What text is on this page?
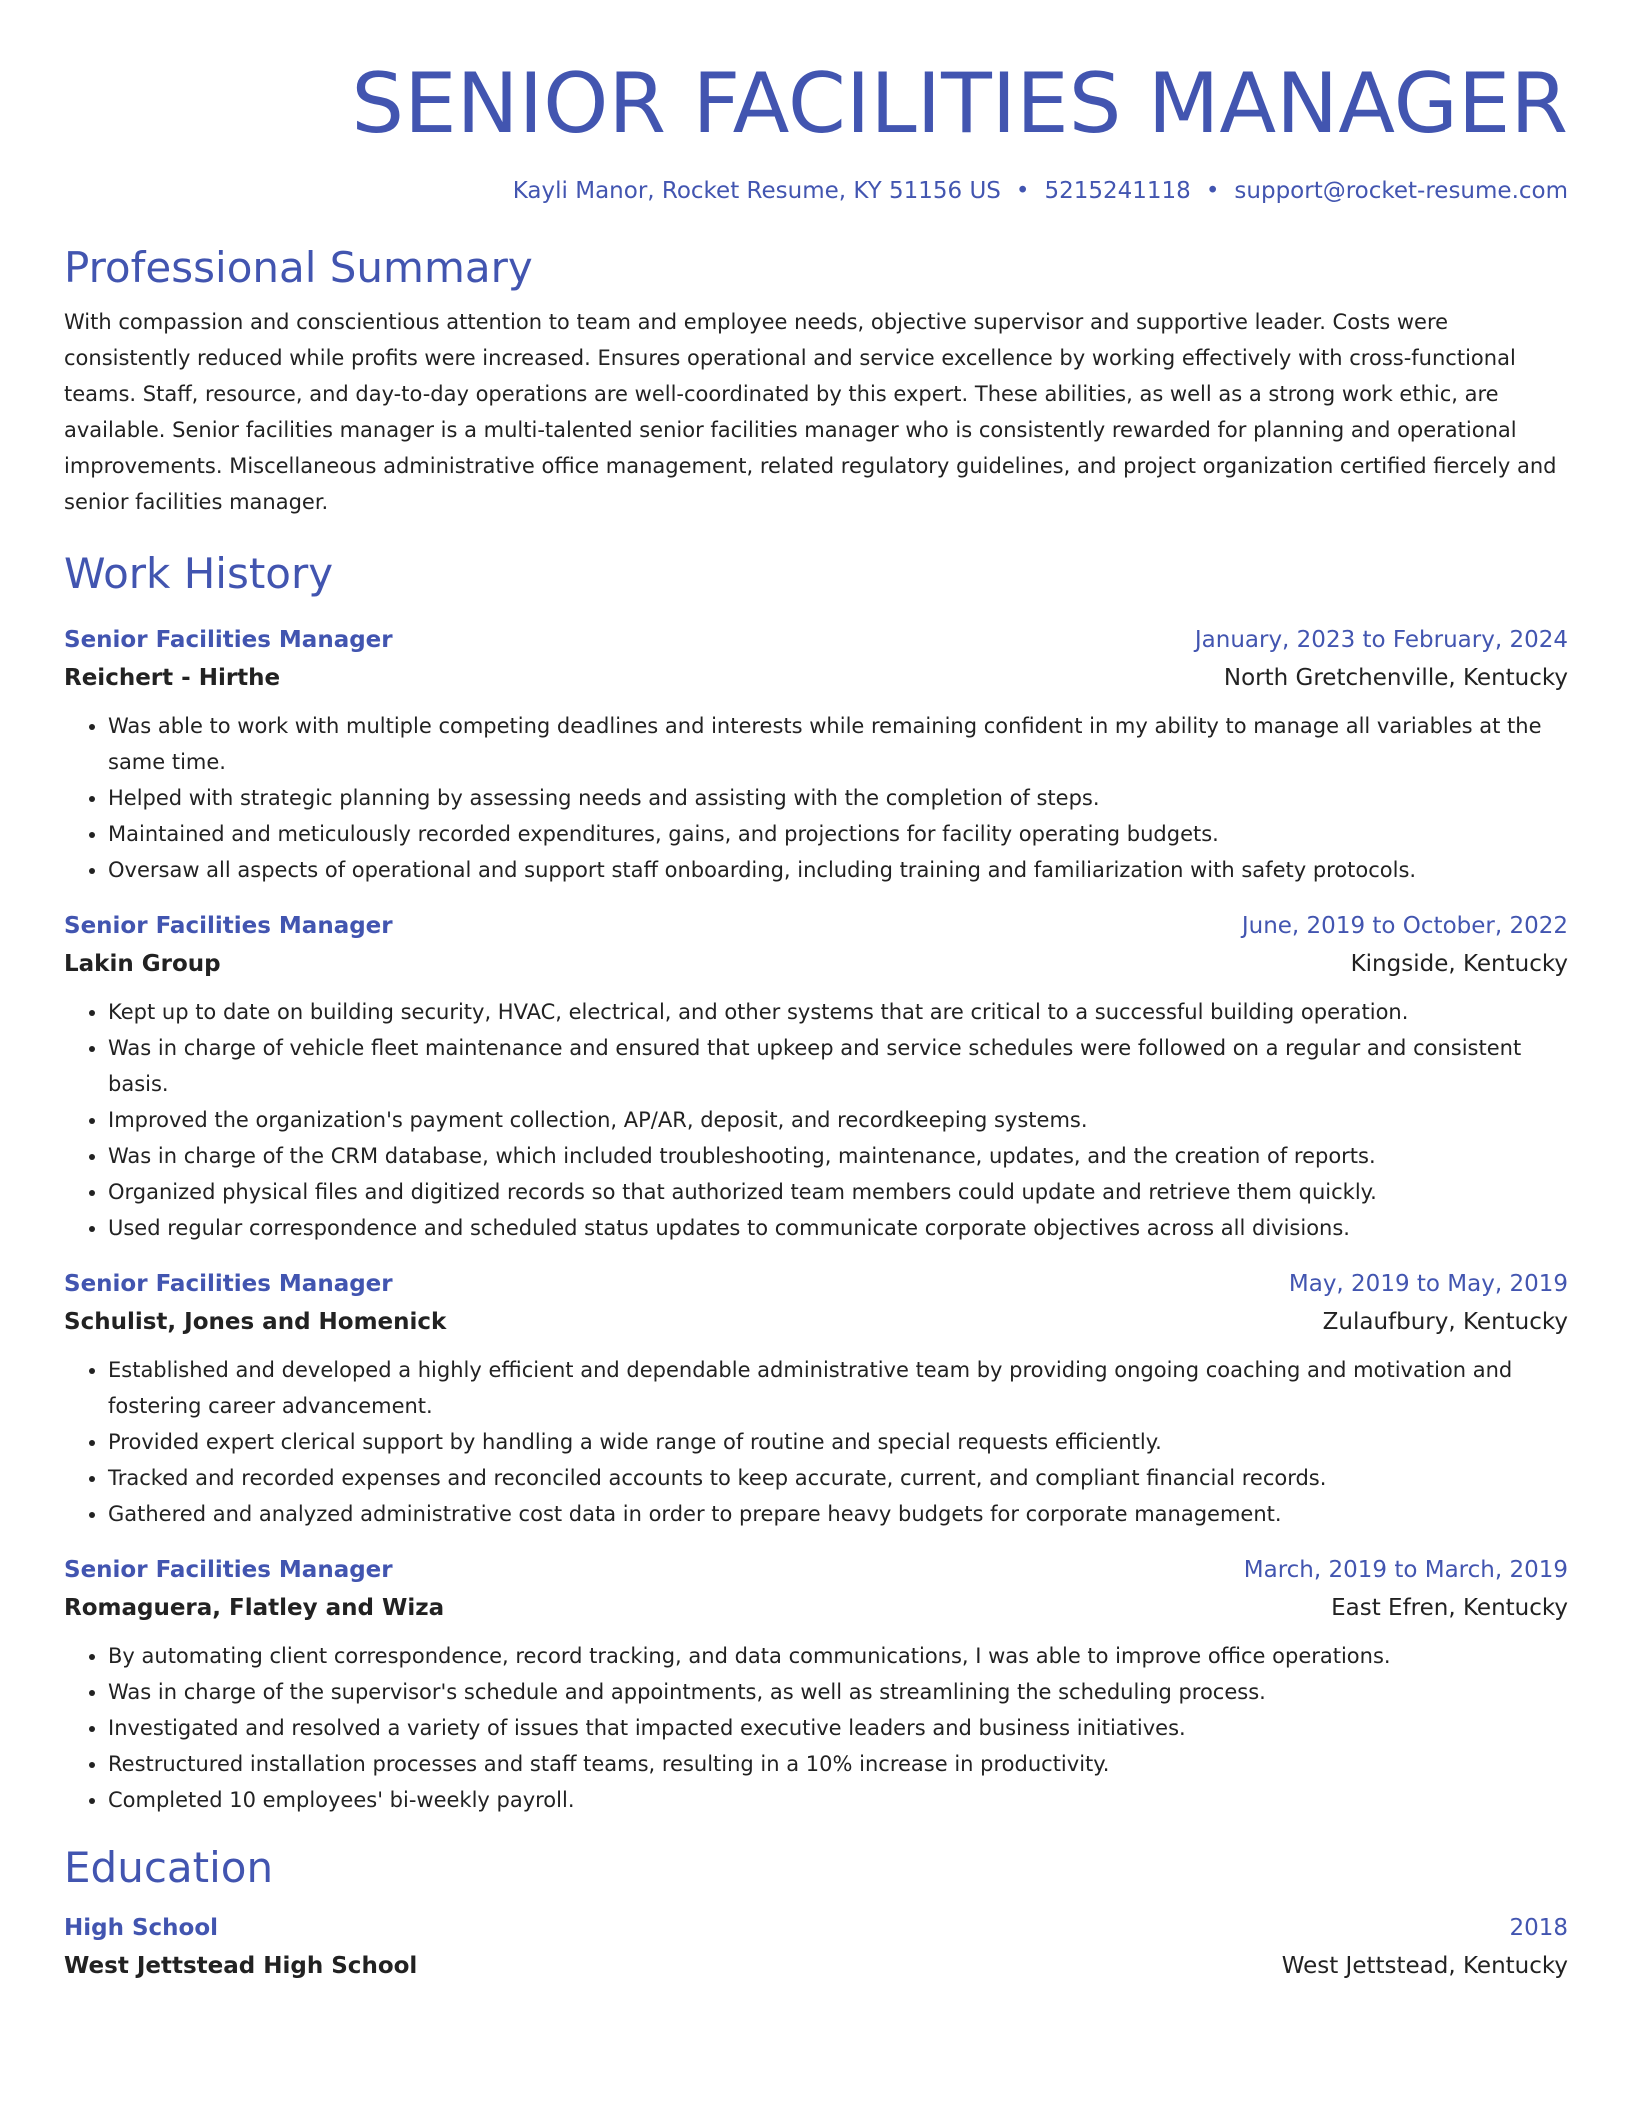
SENIOR FACILITIES MANAGER
Kayli Manor, Rocket Resume, KY 51156 US • 5215241118 • support@rocket-resume.com
Professional Summary
With compassion and conscientious attention to team and employee needs, objective supervisor and supportive leader. Costs were consistently reduced while profits were increased. Ensures operational and service excellence by working effectively with cross-functional teams. Staff, resource, and day-to-day operations are well-coordinated by this expert. These abilities, as well as a strong work ethic, are available. Senior facilities manager is a multi-talented senior facilities manager who is consistently rewarded for planning and operational improvements. Miscellaneous administrative office management, related regulatory guidelines, and project organization certified fiercely and senior facilities manager.
Work History
Senior Facilities Manager	January, 2023 to February, 2024
Reichert - Hirthe	North Gretchenville, Kentucky
• Was able to work with multiple competing deadlines and interests while remaining confident in my ability to manage all variables at the same time.
• Helped with strategic planning by assessing needs and assisting with the completion of steps.
• Maintained and meticulously recorded expenditures, gains, and projections for facility operating budgets.
• Oversaw all aspects of operational and support staff onboarding, including training and familiarization with safety protocols.
Senior Facilities Manager	June, 2019 to October, 2022
Lakin Group	Kingside, Kentucky
• Kept up to date on building security, HVAC, electrical, and other systems that are critical to a successful building operation.
• Was in charge of vehicle fleet maintenance and ensured that upkeep and service schedules were followed on a regular and consistent basis.
• Improved the organization's payment collection, AP/AR, deposit, and recordkeeping systems.
• Was in charge of the CRM database, which included troubleshooting, maintenance, updates, and the creation of reports.
• Organized physical files and digitized records so that authorized team members could update and retrieve them quickly.
• Used regular correspondence and scheduled status updates to communicate corporate objectives across all divisions.
Senior Facilities Manager	May, 2019 to May, 2019
Schulist, Jones and Homenick	Zulaufbury, Kentucky
• Established and developed a highly efficient and dependable administrative team by providing ongoing coaching and motivation and fostering career advancement.
• Provided expert clerical support by handling a wide range of routine and special requests efficiently.
• Tracked and recorded expenses and reconciled accounts to keep accurate, current, and compliant financial records.
• Gathered and analyzed administrative cost data in order to prepare heavy budgets for corporate management.
Senior Facilities Manager	March, 2019 to March, 2019
Romaguera, Flatley and Wiza	East Efren, Kentucky
• By automating client correspondence, record tracking, and data communications, I was able to improve office operations.
• Was in charge of the supervisor's schedule and appointments, as well as streamlining the scheduling process.
• Investigated and resolved a variety of issues that impacted executive leaders and business initiatives.
• Restructured installation processes and staff teams, resulting in a 10% increase in productivity.
• Completed 10 employees' bi-weekly payroll.
Education
High School	2018
West Jettstead High School	West Jettstead, Kentucky
